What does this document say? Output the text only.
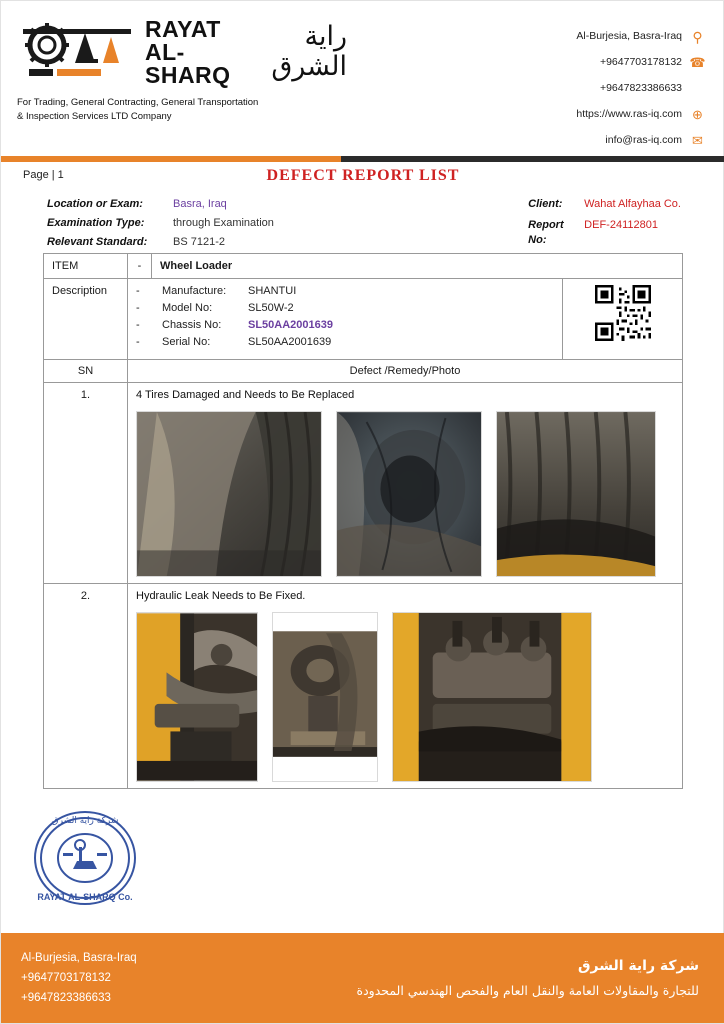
RAYAT AL-SHARQ
راية الشرق
For Trading, General Contracting, General Transportation
& Inspection Services LTD Company
Al-Burjesia, Basra-Iraq ⚲
+9647703178132 ☎
+9647823386633
https://www.ras-iq.com ⊕
info@ras-iq.com ✉
Page | 1	DEFECT REPORT LIST
Location or Exam:	Basra, Iraq
Examination Type:	through Examination
Relevant Standard:	BS 7121-2
Client:	Wahat Alfayhaa Co.
Report No:
DEF-24112801
ITEM	-	Wheel Loader	
Description	-	Manufacture:	SHANTUI
-	Model No:	SL50W-2
-	Chassis No:	SL50AA2001639
-	Serial No:	SL50AA2001639

SN	Defect /Remedy/Photo		
1.	4 Tires Damaged and Needs to Be Replaced		

2.	Hydraulic Leak Needs to Be Fixed.		
RAYAT AL-SHARQ Co.
شركة راية الشرق
Al-Burjesia, Basra-Iraq
+9647703178132
+9647823386633
شركة راية الشرق
للتجارة والمقاولات العامة والنقل العام والفحص الهندسي المحدودة
